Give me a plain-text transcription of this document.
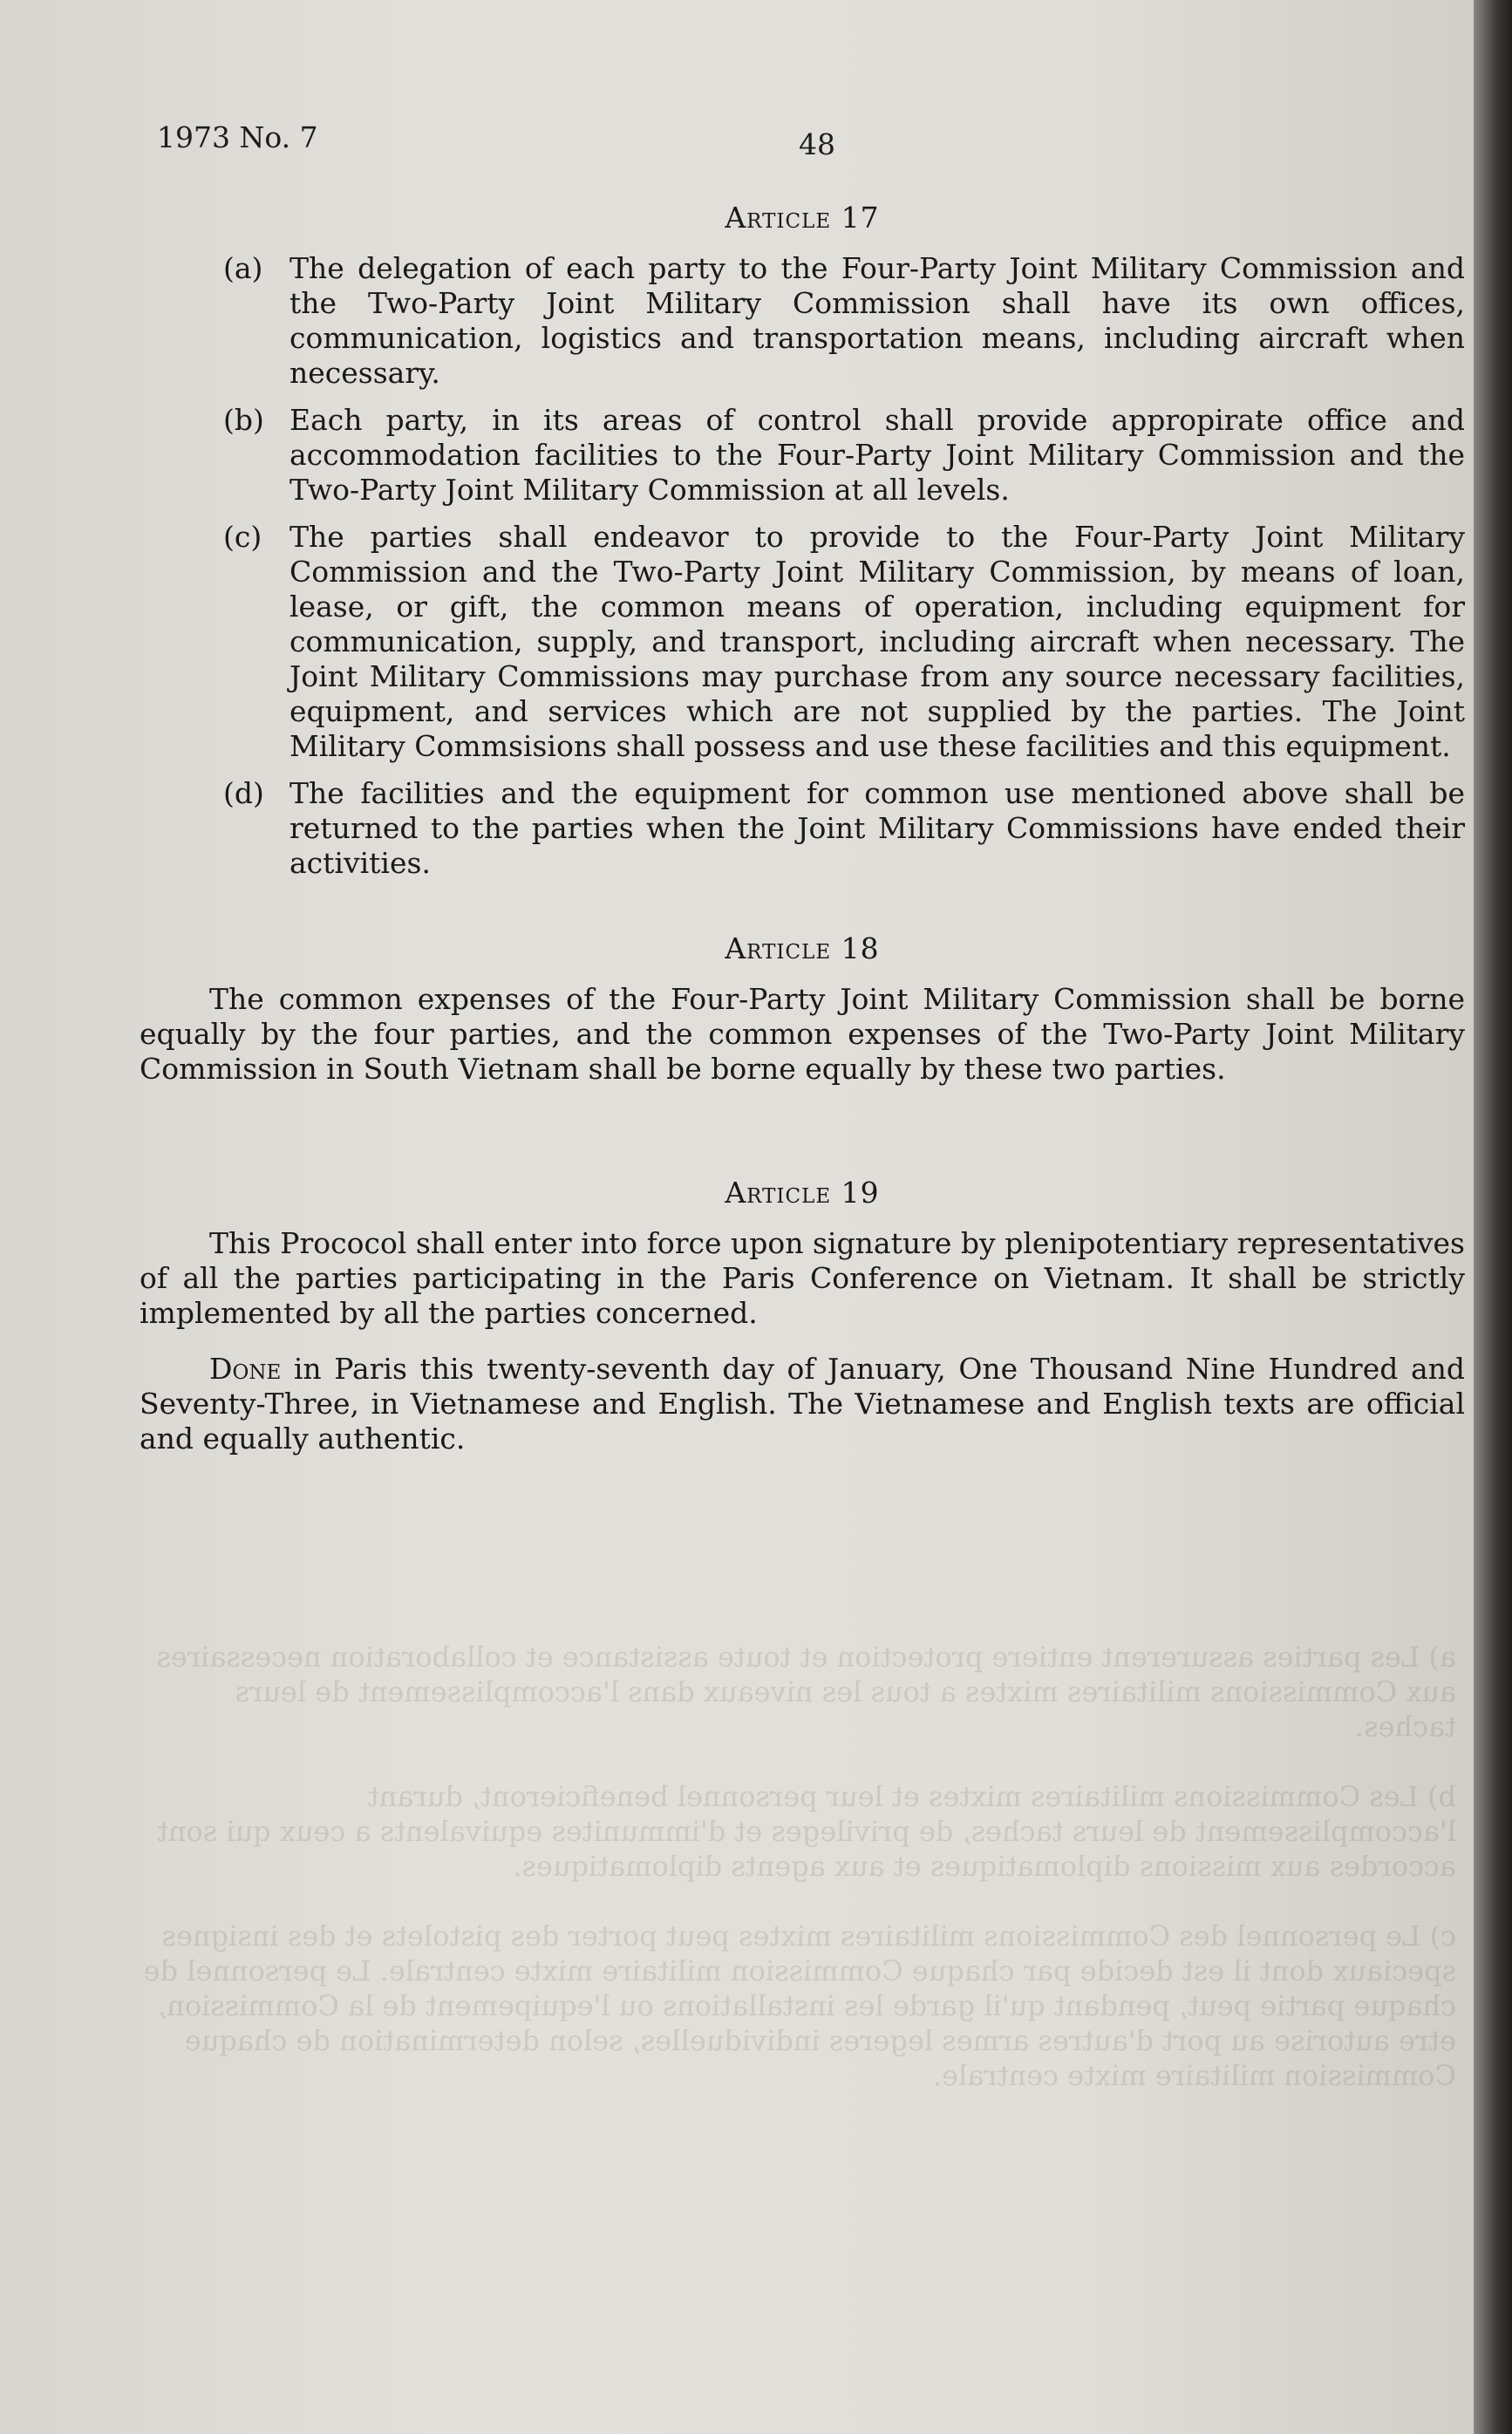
a) Les parties assurerent entiere protection et toute assistance et collaboration necessaires aux Commissions militaires mixtes a tous les niveaux dans l'accomplissement de leurs taches.
b) Les Commissions militaires mixtes et leur personnel beneficieront, durant l'accomplissement de leurs taches, de privileges et d'immunites equivalents a ceux qui sont accordes aux missions diplomatiques et aux agents diplomatiques.
c) Le personnel des Commissions militaires mixtes peut porter des pistolets et des insignes speciaux dont il est decide par chaque Commission militaire mixte centrale. Le personnel de chaque partie peut, pendant qu'il garde les installations ou l'equipement de la Commission, etre autorise au port d'autres armes legeres individuelles, selon determination de chaque Commission militaire mixte centrale.
1973 No. 7	48
Article 17
(a) The delegation of each party to the Four-Party Joint Military Commission and the Two-Party Joint Military Commission shall have its own offices, communication, logistics and transportation means, including aircraft when necessary.
(b) Each party, in its areas of control shall provide appropirate office and accommodation facilities to the Four-Party Joint Military Commission and the Two-Party Joint Military Commission at all levels.
(c) The parties shall endeavor to provide to the Four-Party Joint Military Commission and the Two-Party Joint Military Commission, by means of loan, lease, or gift, the common means of operation, including equipment for communication, supply, and transport, including aircraft when necessary. The Joint Military Commissions may purchase from any source necessary facilities, equipment, and services which are not supplied by the parties. The Joint Military Commsisions shall possess and use these facilities and this equipment.
(d) The facilities and the equipment for common use mentioned above shall be returned to the parties when the Joint Military Commissions have ended their activities.
Article 18

The common expenses of the Four-Party Joint Military Commission shall be borne equally by the four parties, and the common expenses of the Two-Party Joint Military Commission in South Vietnam shall be borne equally by these two parties.

Article 19

This Prococol shall enter into force upon signature by plenipotentiary representatives of all the parties participating in the Paris Conference on Vietnam. It shall be strictly implemented by all the parties concerned.

Done in Paris this twenty-seventh day of January, One Thousand Nine Hundred and Seventy-Three, in Vietnamese and English. The Vietnamese and English texts are official and equally authentic.
